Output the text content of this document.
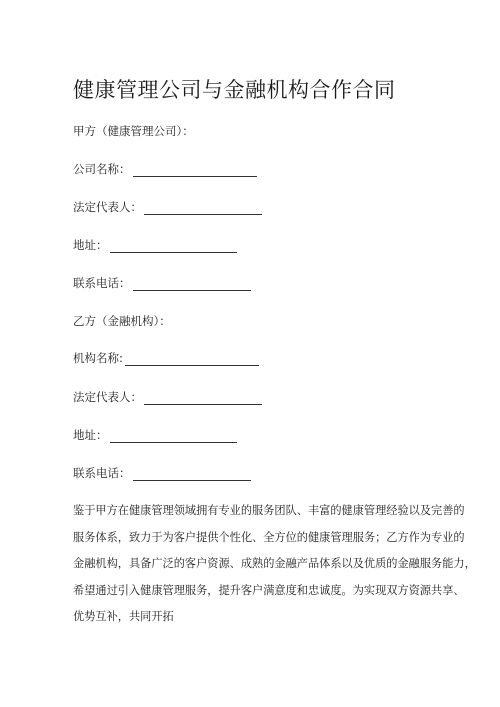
健康管理公司与金融机构合作合同
甲方（健康管理公司）：
公司名称：
法定代表人：
地址：
联系电话：
乙方（金融机构）：
机构名称:
法定代表人：
地址：
联系电话：

鉴于甲方在健康管理领域拥有专业的服务团队、丰富的健康管理经验以及完善的
服务体系，致力于为客户提供个性化、全方位的健康管理服务；乙方作为专业的
金融机构，具备广泛的客户资源、成熟的金融产品体系以及优质的金融服务能力，
希望通过引入健康管理服务，提升客户满意度和忠诚度。为实现双方资源共享、
优势互补，共同开拓
